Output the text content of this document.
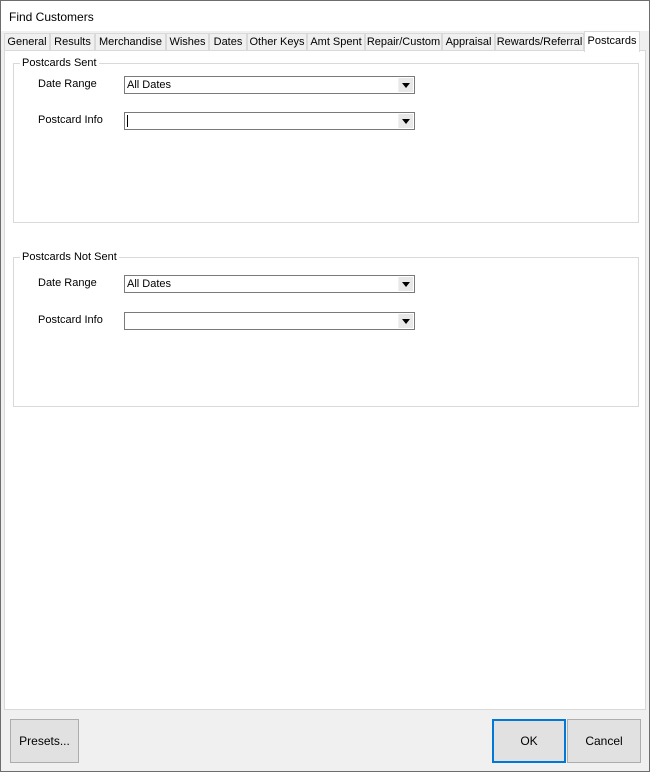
Find Customers
General Results Merchandise Wishes Dates Other Keys Amt Spent Repair/Custom Appraisal Rewards/Referral Postcards
Postcards Sent
Date Range	All Dates
Postcard Info
Postcards Not Sent
Date Range	All Dates
Postcard Info
Presets...	OK	Cancel
